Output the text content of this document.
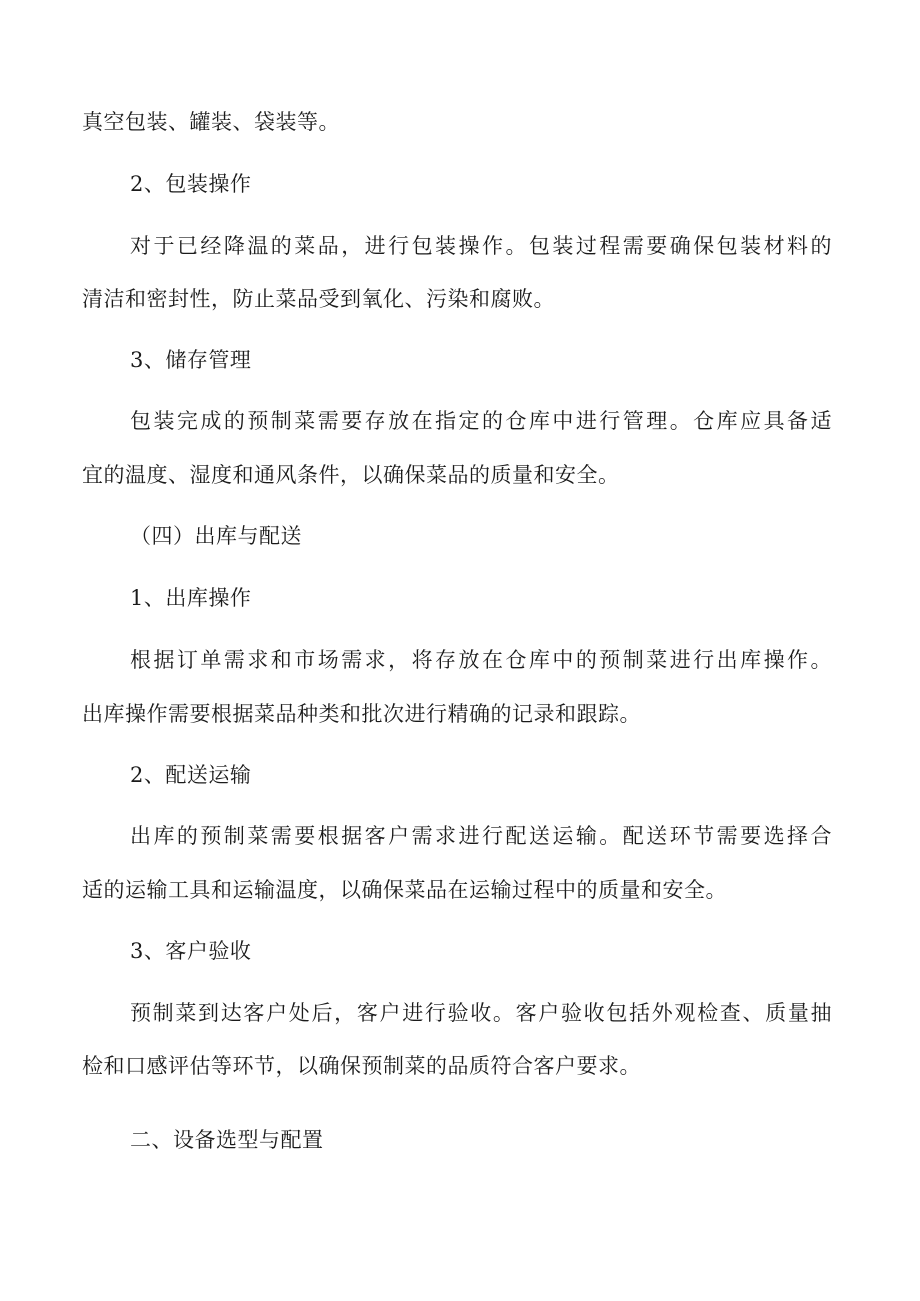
真空包装、罐装、袋装等。
2、包装操作
对于已经降温的菜品，进行包装操作。包装过程需要确保包装材料的
清洁和密封性，防止菜品受到氧化、污染和腐败。
3、储存管理
包装完成的预制菜需要存放在指定的仓库中进行管理。仓库应具备适
宜的温度、湿度和通风条件，以确保菜品的质量和安全。
（四）出库与配送
1、出库操作
根据订单需求和市场需求，将存放在仓库中的预制菜进行出库操作。
出库操作需要根据菜品种类和批次进行精确的记录和跟踪。
2、配送运输
出库的预制菜需要根据客户需求进行配送运输。配送环节需要选择合
适的运输工具和运输温度，以确保菜品在运输过程中的质量和安全。
3、客户验收
预制菜到达客户处后，客户进行验收。客户验收包括外观检查、质量抽
检和口感评估等环节，以确保预制菜的品质符合客户要求。
二、设备选型与配置
